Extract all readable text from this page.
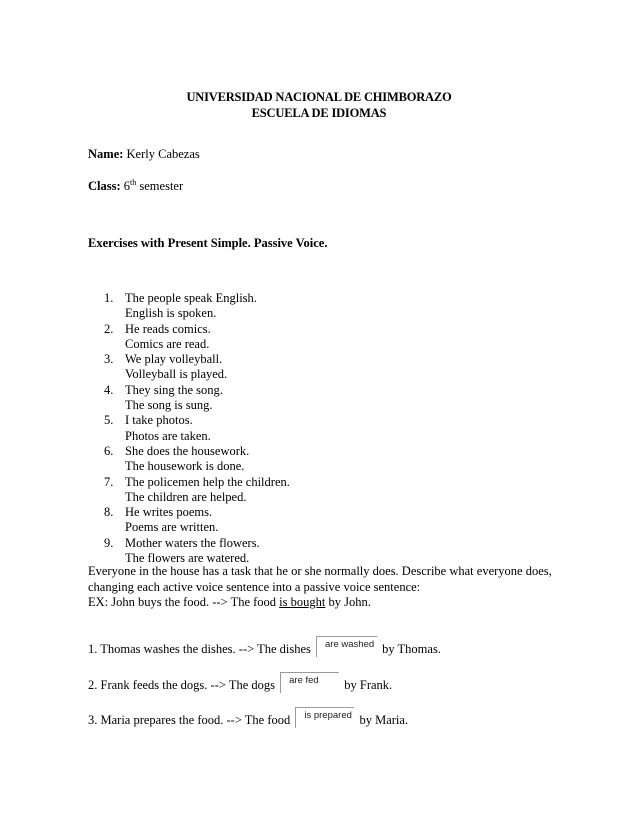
UNIVERSIDAD NACIONAL DE CHIMBORAZO
ESCUELA DE IDIOMAS
Name: Kerly Cabezas
Class: 6th semester
Exercises with Present Simple. Passive Voice.
1. The people speak English.
English is spoken.
2. He reads comics.
Comics are read.
3. We play volleyball.
Volleyball is played.
4. They sing the song.
The song is sung.
5. I take photos.
Photos are taken.
6. She does the housework.
The housework is done.
7. The policemen help the children.
The children are helped.
8. He writes poems.
Poems are written.
9. Mother waters the flowers.
The flowers are watered.
Everyone in the house has a task that he or she normally does. Describe what everyone does, changing each active voice sentence into a passive voice sentence:
EX: John buys the food. --> The food is bought by John.
1. Thomas washes the dishes. --> The dishes are washed by Thomas.
2. Frank feeds the dogs. --> The dogs are fed by Frank.
3. Maria prepares the food. --> The food is prepared by Maria.
